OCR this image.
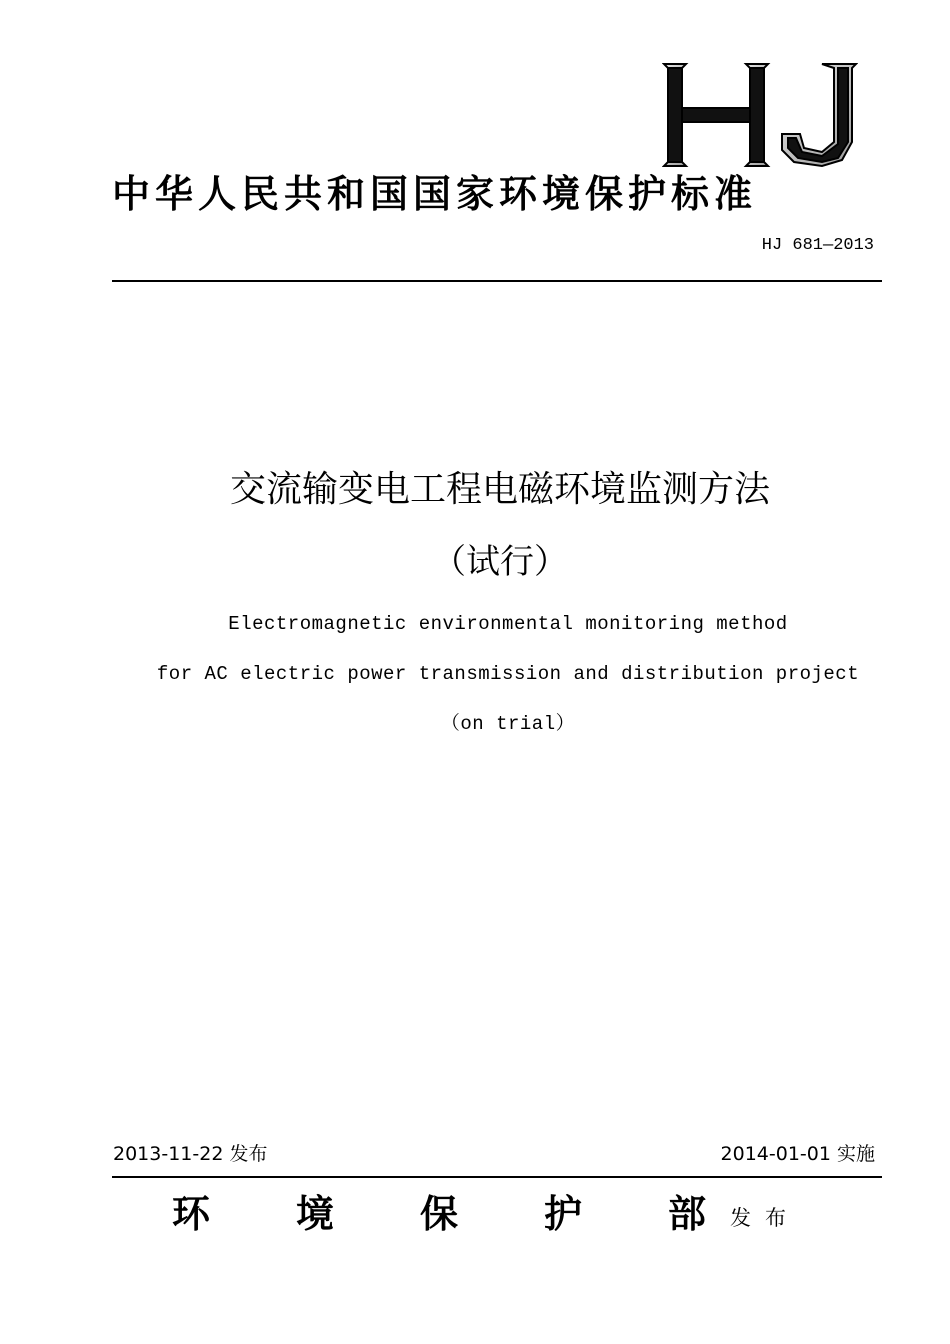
中华人民共和国国家环境保护标准
HJ 681—2013
交流输变电工程电磁环境监测方法
（试行）
Electromagnetic environmental monitoring method
for AC electric power transmission and distribution project
（on trial）
2013-11-22 发布	2014-01-01 实施
环 境 保 护 部 发布
